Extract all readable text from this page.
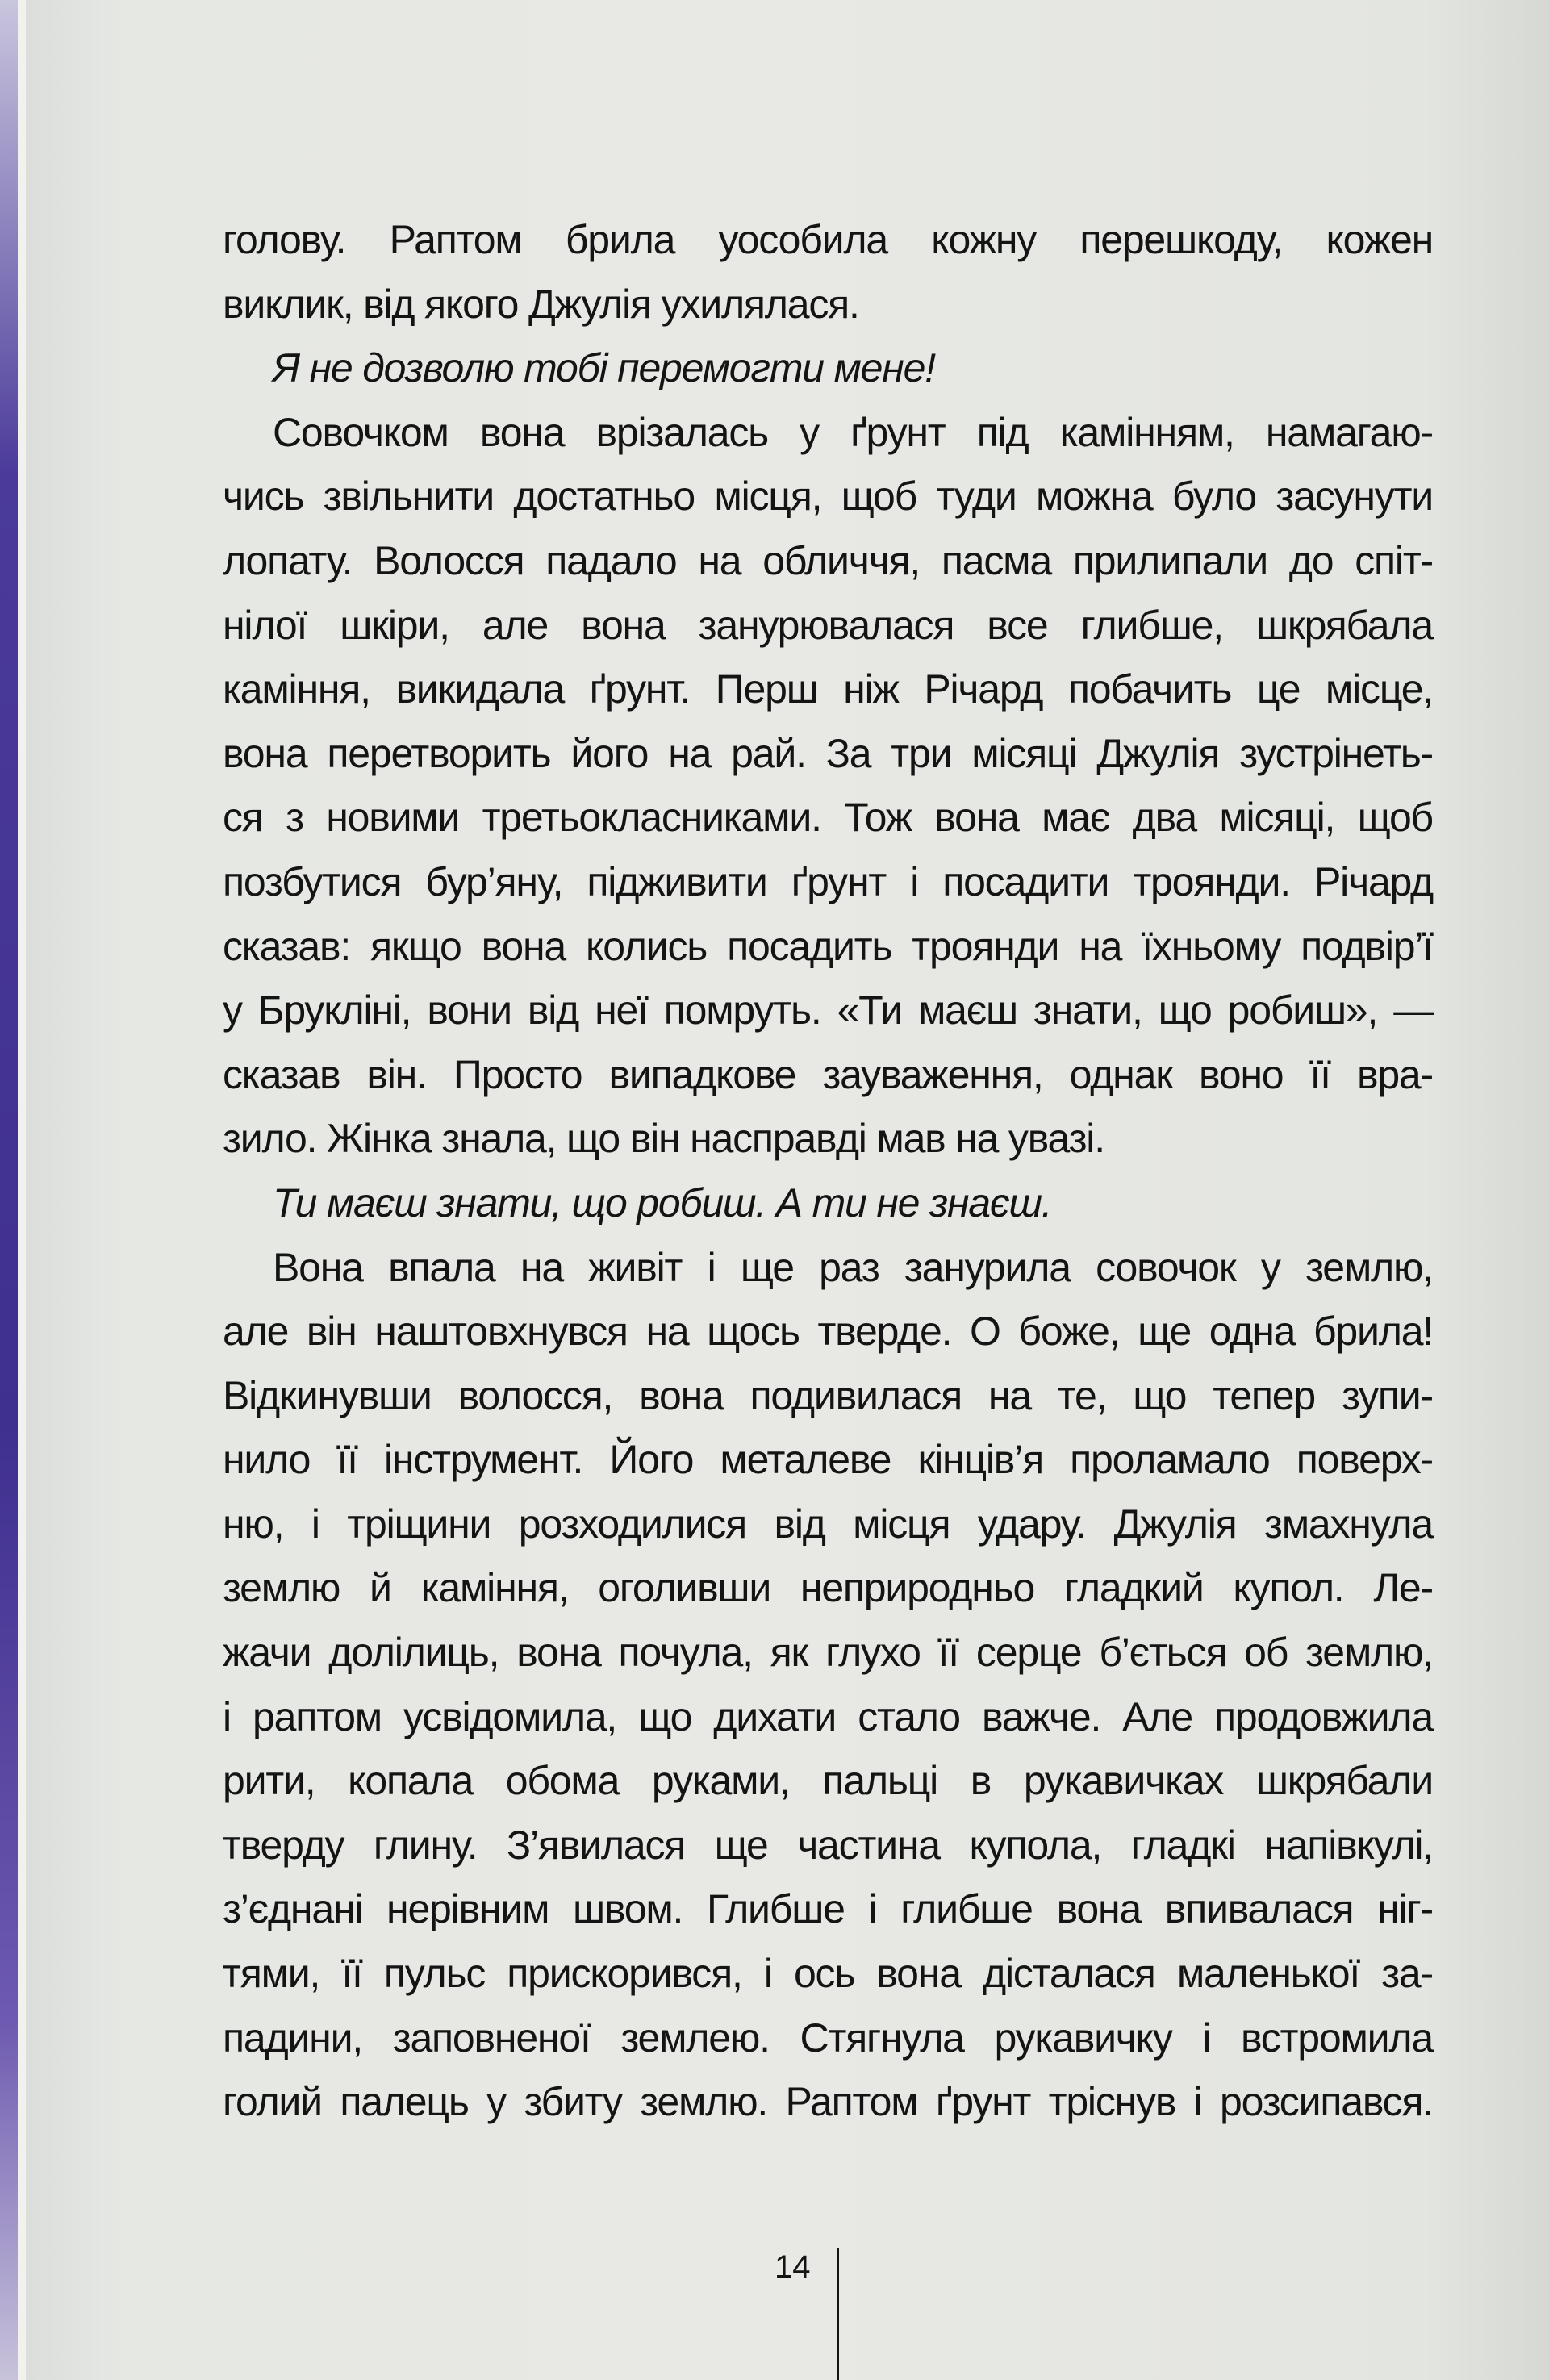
голову. Раптом брила уособила кожну перешкоду, кожен
виклик, від якого Джулія ухилялася.
Я не дозволю тобі перемогти мене!
Совочком вона врізалась у ґрунт під камінням, намагаю-
чись звільнити достатньо місця, щоб туди можна було засунути
лопату. Волосся падало на обличчя, пасма прилипали до спіт-
нілої шкіри, але вона занурювалася все глибше, шкрябала
каміння, викидала ґрунт. Перш ніж Річард побачить це місце,
вона перетворить його на рай. За три місяці Джулія зустрінеть-
ся з новими третьокласниками. Тож вона має два місяці, щоб
позбутися бур’яну, підживити ґрунт і посадити троянди. Річард
сказав: якщо вона колись посадить троянди на їхньому подвір’ї
у Брукліні, вони від неї помруть. «Ти маєш знати, що робиш», —
сказав він. Просто випадкове зауваження, однак воно її вра-
зило. Жінка знала, що він насправді мав на увазі.
Ти маєш знати, що робиш. А ти не знаєш.
Вона впала на живіт і ще раз занурила совочок у землю,
але він наштовхнувся на щось тверде. О боже, ще одна брила!
Відкинувши волосся, вона подивилася на те, що тепер зупи-
нило її інструмент. Його металеве кінців’я проламало поверх-
ню, і тріщини розходилися від місця удару. Джулія змахнула
землю й каміння, оголивши неприродньо гладкий купол. Ле-
жачи долілиць, вона почула, як глухо її серце б’ється об землю,
і раптом усвідомила, що дихати стало важче. Але продовжила
рити, копала обома руками, пальці в рукавичках шкрябали
тверду глину. З’явилася ще частина купола, гладкі напівкулі,
з’єднані нерівним швом. Глибше і глибше вона впивалася ніг-
тями, її пульс прискорився, і ось вона дісталася маленької за-
падини, заповненої землею. Стягнула рукавичку і встромила
голий палець у збиту землю. Раптом ґрунт тріснув і розсипався.
14
